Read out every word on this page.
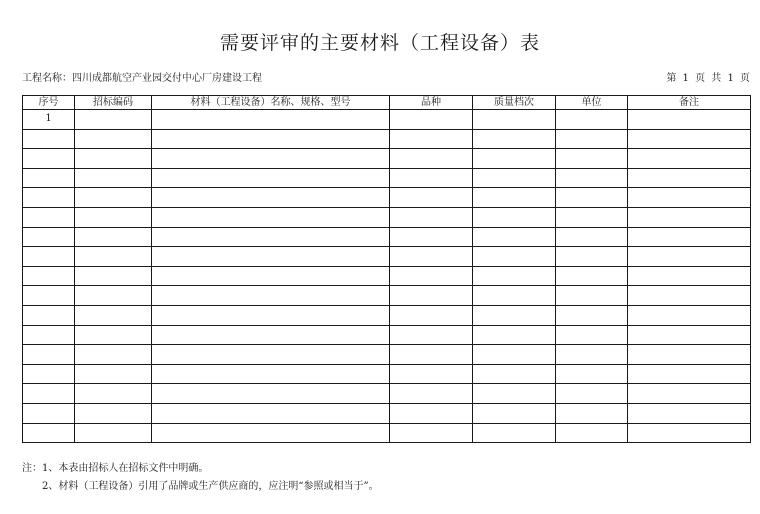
需要评审的主要材料（工程设备）表
工程名称：四川成都航空产业园交付中心厂房建设工程	第 1 页 共 1 页
序号	招标编码	材料（工程设备）名称、规格、型号	品种	质量档次	单位	备注
1						

注：1、本表由招标人在招标文件中明确。
2、材料（工程设备）引用了品牌或生产供应商的，应注明“参照或相当于”。
